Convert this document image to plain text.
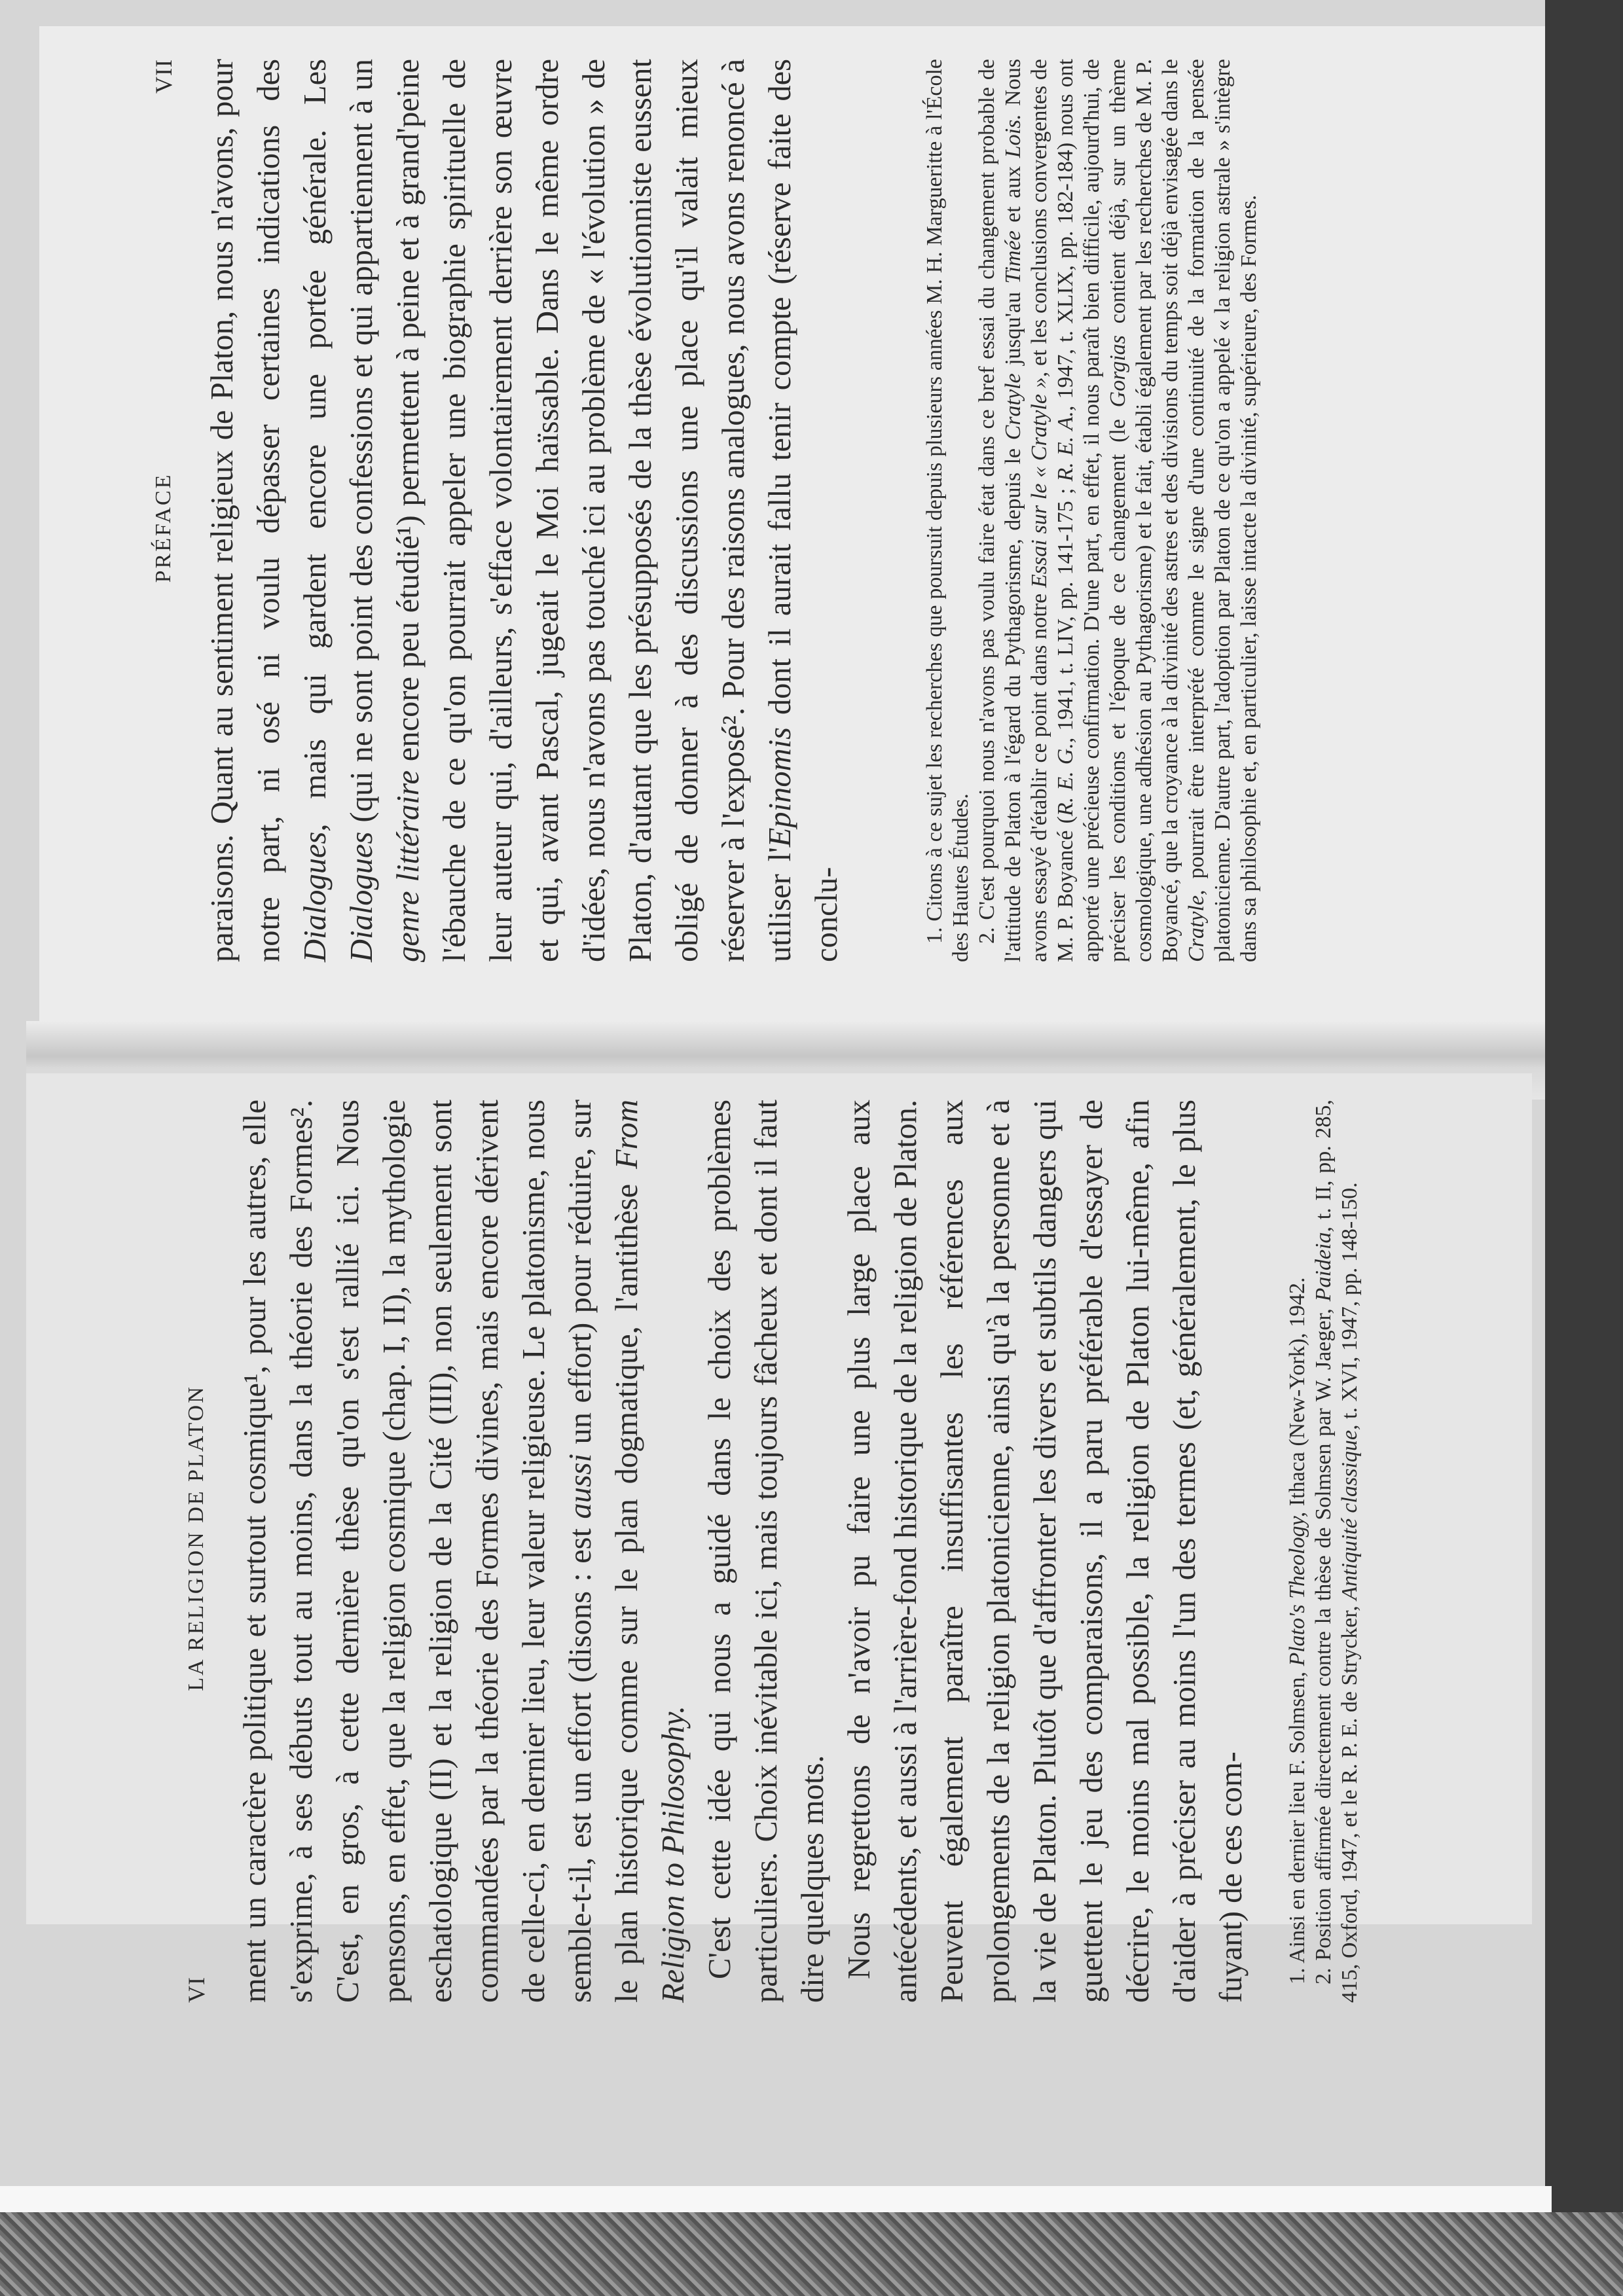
VI
LA RELIGION DE PLATON ment un caractère politique et surtout cosmique¹, pour les autres, elle s'exprime, à ses débuts tout au moins, dans la théorie des Formes². C'est, en gros, à cette dernière thèse qu'on s'est rallié ici. Nous pensons, en effet, que la religion cosmique (chap. I, II), la mythologie eschatologique (II) et la religion de la Cité (III), non seulement sont commandées par la théorie des Formes divines, mais encore dérivent de celle-ci, en dernier lieu, leur valeur religieuse. Le platonisme, nous semble-t-il, est un effort (disons : est aussi un effort) pour réduire, sur le plan historique comme sur le plan dogmatique, l'antithèse From Religion to Philosophy. C'est cette idée qui nous a guidé dans le choix des problèmes particuliers. Choix inévitable ici, mais toujours fâcheux et dont il faut dire quelques mots. Nous regrettons de n'avoir pu faire une plus large place aux antécédents, et aussi à l'arrière-fond historique de la religion de Platon. Peuvent également paraître insuffisantes les références aux prolongements de la religion platonicienne, ainsi qu'à la personne et à la vie de Platon. Plutôt que d'affronter les divers et subtils dangers qui guettent le jeu des comparaisons, il a paru préférable d'essayer de décrire, le moins mal possible, la religion de Platon lui-même, afin d'aider à préciser au moins l'un des termes (et, généralement, le plus fuyant) de ces com- 1. Ainsi en dernier lieu F. Solmsen, Plato's Theology, Ithaca (New-York), 1942. 2. Position affirmée directement contre la thèse de Solmsen par W. Jaeger, Paideia, t. II, pp. 285, 415, Oxford, 1947, et le R. P. E. de Strycker, Antiquité classique, t. XVI, 1947, pp. 148-150.

PRÉFACE
VII paraisons. Quant au sentiment religieux de Platon, nous n'avons, pour notre part, ni osé ni voulu dépasser certaines indications des Dialogues, mais qui gardent encore une portée générale. Les Dialogues (qui ne sont point des confessions et qui appartiennent à un genre littéraire encore peu étudié¹) permettent à peine et à grand'peine l'ébauche de ce qu'on pourrait appeler une biographie spirituelle de leur auteur qui, d'ailleurs, s'efface volontairement derrière son œuvre et qui, avant Pascal, jugeait le Moi haïssable. Dans le même ordre d'idées, nous n'avons pas touché ici au problème de « l'évolution » de Platon, d'autant que les présupposés de la thèse évolutionniste eussent obligé de donner à des discussions une place qu'il valait mieux réserver à l'exposé². Pour des raisons analogues, nous avons renoncé à utiliser l'Epinomis dont il aurait fallu tenir compte (réserve faite des conclu-	1. Citons à ce sujet les recherches que poursuit depuis plusieurs années M. H. Margueritte à l'École des Hautes Études. 2. C'est pourquoi nous n'avons pas voulu faire état dans ce bref essai du changement probable de l'attitude de Platon à l'égard du Pythagorisme, depuis le Cratyle jusqu'au Timée et aux Lois. Nous avons essayé d'établir ce point dans notre Essai sur le « Cratyle », et les conclusions convergentes de M. P. Boyancé (R. E. G., 1941, t. LIV, pp. 141-175 ; R. E. A., 1947, t. XLIX, pp. 182-184) nous ont apporté une précieuse confirmation. D'une part, en effet, il nous paraît bien difficile, aujourd'hui, de préciser les conditions et l'époque de ce changement (le Gorgias contient déjà, sur un thème cosmologique, une adhésion au Pythagorisme) et le fait, établi également par les recherches de M. P. Boyancé, que la croyance à la divinité des astres et des divisions du temps soit déjà envisagée dans le Cratyle, pourrait être interprété comme le signe d'une continuité de la formation de la pensée platonicienne. D'autre part, l'adoption par Platon de ce qu'on a appelé « la religion astrale » s'intègre dans sa philosophie et, en particulier, laisse intacte la divinité, supérieure, des Formes.
